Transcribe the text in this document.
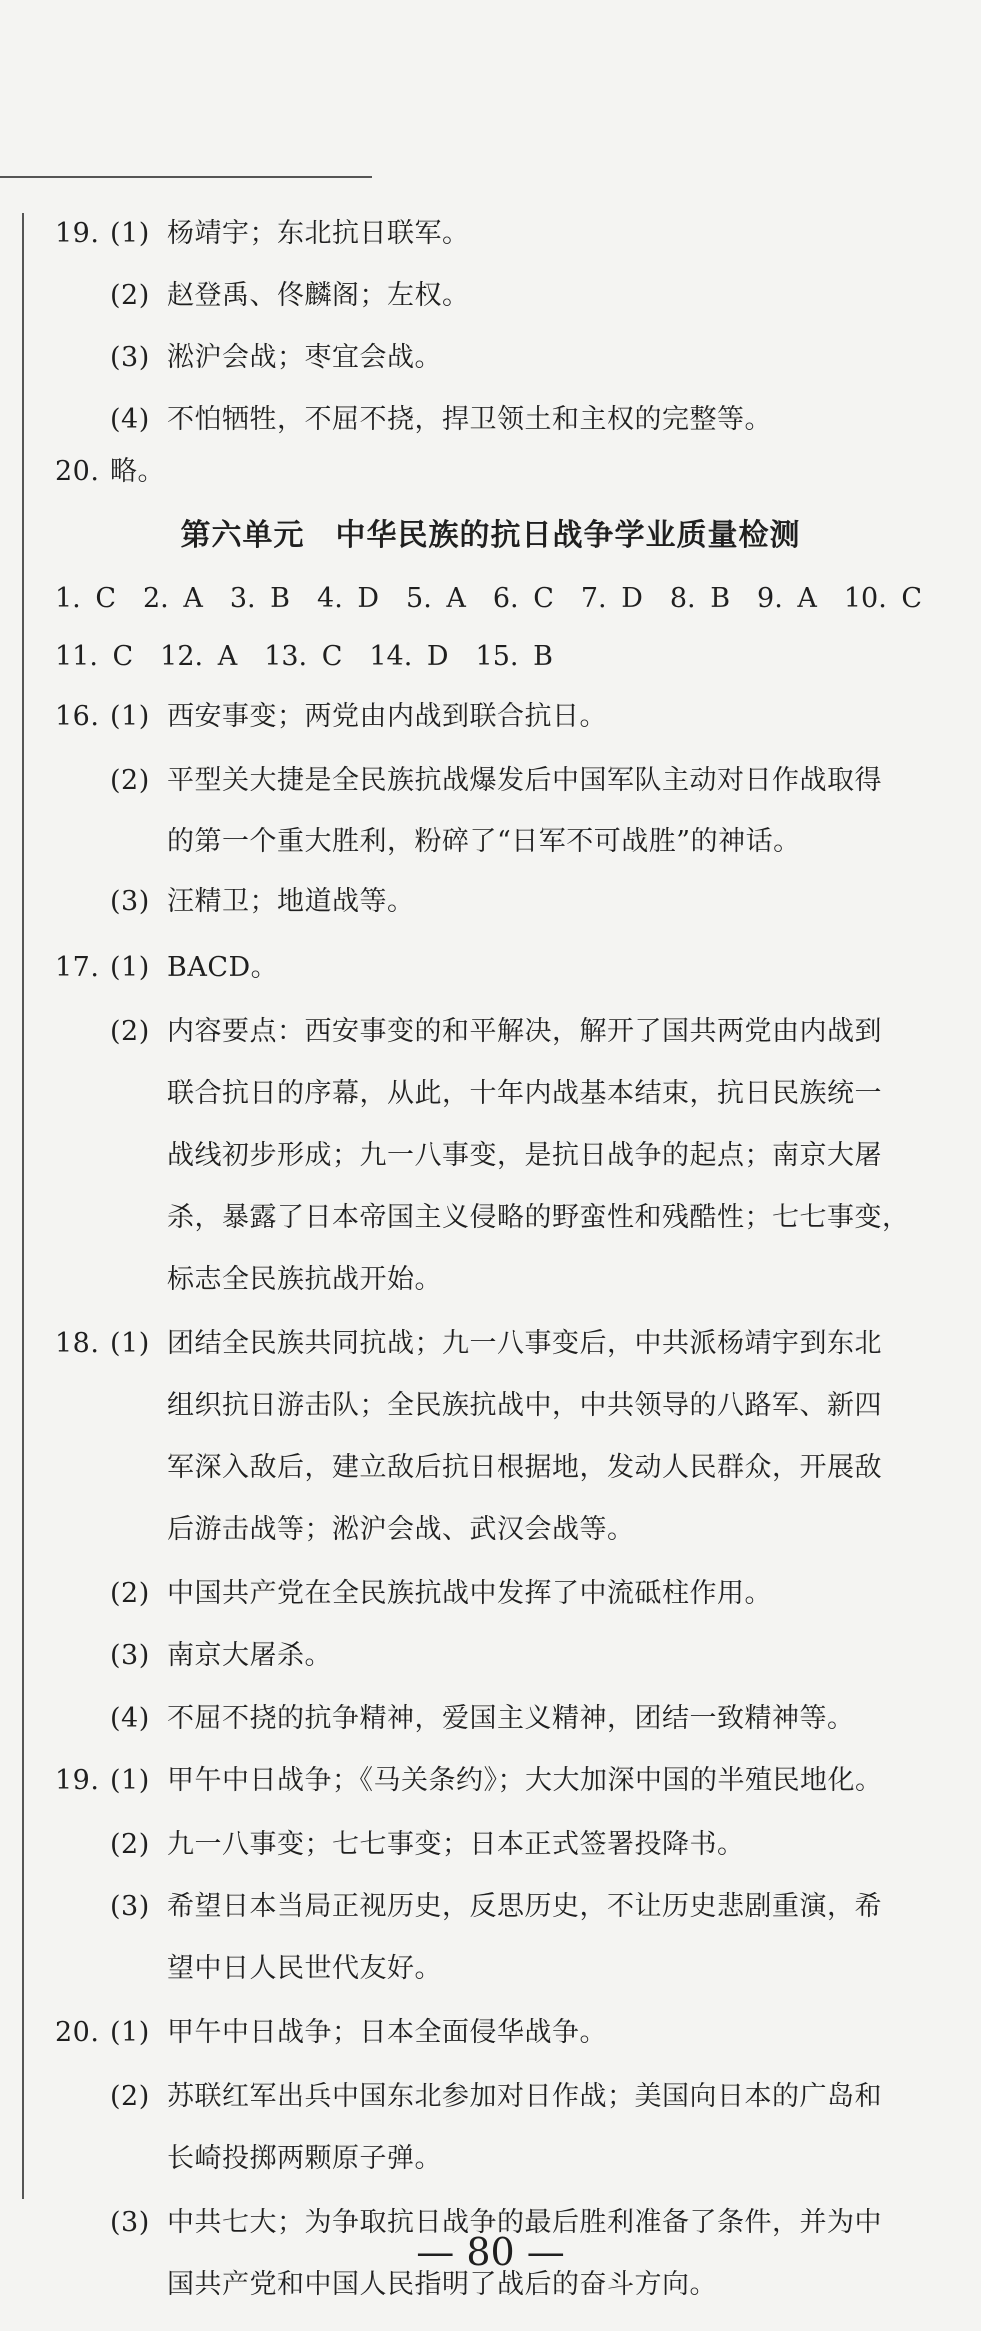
19. (1) 杨靖宇；东北抗日联军。
(2) 赵登禹、佟麟阁；左权。
(3) 淞沪会战；枣宜会战。
(4) 不怕牺牲，不屈不挠，捍卫领土和主权的完整等。
20. 略。
第六单元　中华民族的抗日战争学业质量检测
1. C　2. A　3. B　4. D　5. A　6. C　7. D　8. B　9. A　10. C
11. C　12. A　13. C　14. D　15. B
16. (1) 西安事变；两党由内战到联合抗日。
(2) 平型关大捷是全民族抗战爆发后中国军队主动对日作战取得
的第一个重大胜利，粉碎了“日军不可战胜”的神话。
(3) 汪精卫；地道战等。
17. (1) BACD。
(2) 内容要点：西安事变的和平解决，解开了国共两党由内战到
联合抗日的序幕，从此，十年内战基本结束，抗日民族统一
战线初步形成；九一八事变，是抗日战争的起点；南京大屠
杀，暴露了日本帝国主义侵略的野蛮性和残酷性；七七事变，
标志全民族抗战开始。
18. (1) 团结全民族共同抗战；九一八事变后，中共派杨靖宇到东北
组织抗日游击队；全民族抗战中，中共领导的八路军、新四
军深入敌后，建立敌后抗日根据地，发动人民群众，开展敌
后游击战等；淞沪会战、武汉会战等。
(2) 中国共产党在全民族抗战中发挥了中流砥柱作用。
(3) 南京大屠杀。
(4) 不屈不挠的抗争精神，爱国主义精神，团结一致精神等。
19. (1) 甲午中日战争；《马关条约》；大大加深中国的半殖民地化。
(2) 九一八事变；七七事变；日本正式签署投降书。
(3) 希望日本当局正视历史，反思历史，不让历史悲剧重演，希
望中日人民世代友好。
20. (1) 甲午中日战争；日本全面侵华战争。
(2) 苏联红军出兵中国东北参加对日作战；美国向日本的广岛和
长崎投掷两颗原子弹。
(3) 中共七大；为争取抗日战争的最后胜利准备了条件，并为中
国共产党和中国人民指明了战后的奋斗方向。
— 80 —
